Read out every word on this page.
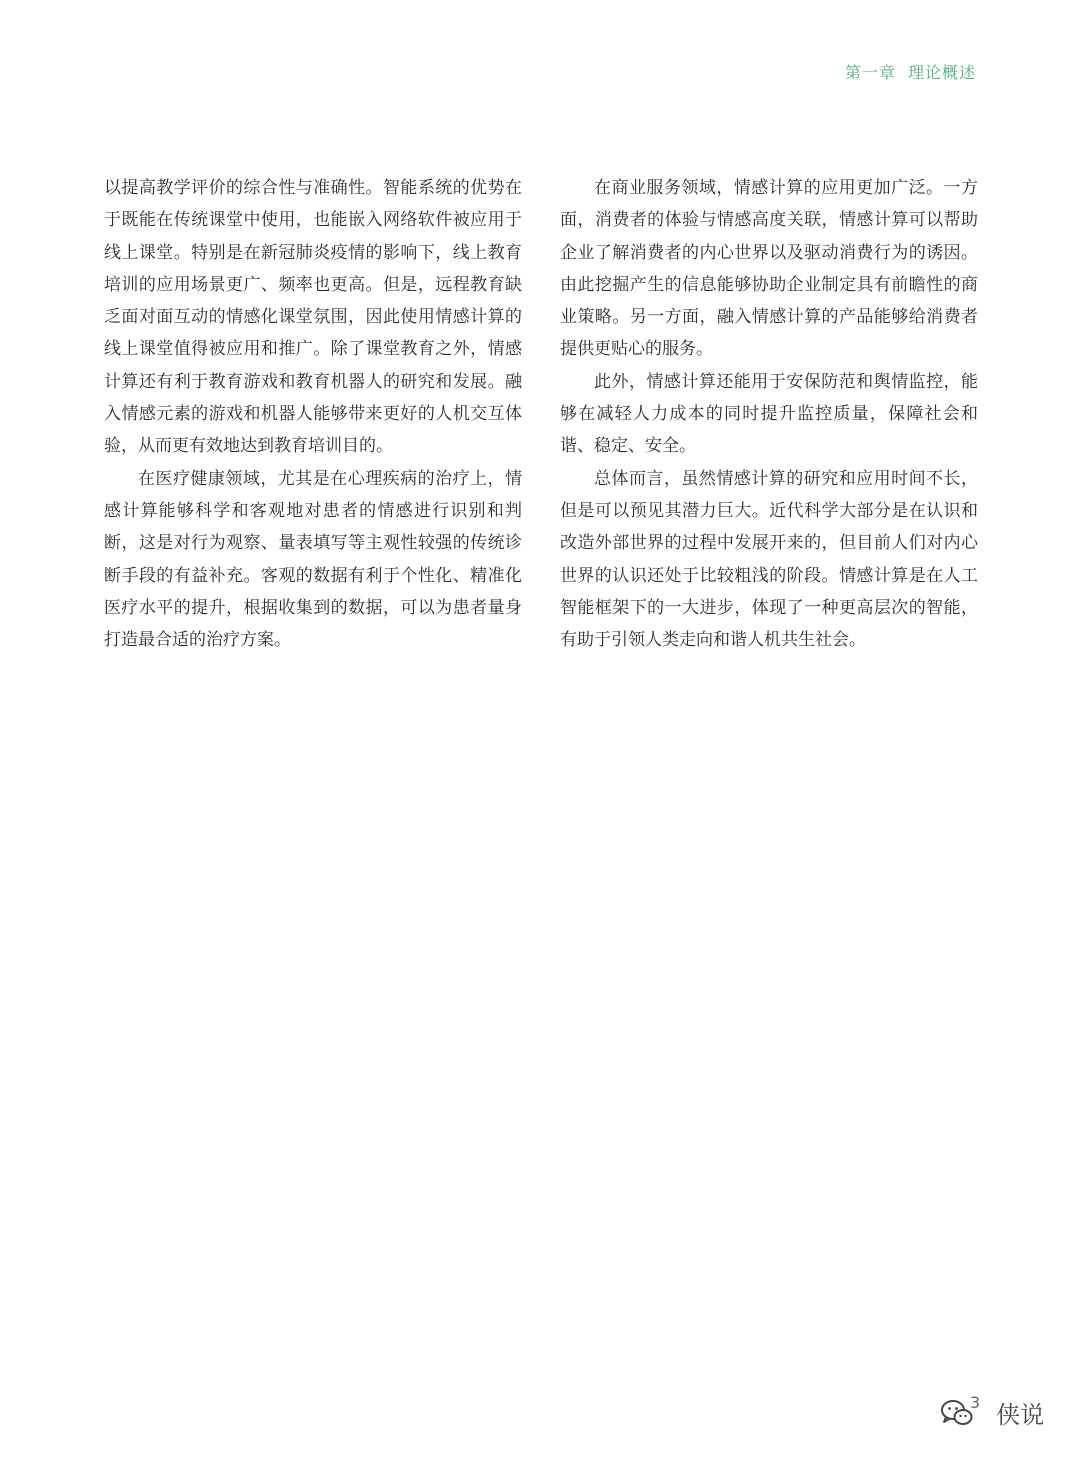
第一章 理论概述

以提高教学评价的综合性与准确性。智能系统的优势在于既能在传统课堂中使用，也能嵌入网络软件被应用于线上课堂。特别是在新冠肺炎疫情的影响下，线上教育培训的应用场景更广、频率也更高。但是，远程教育缺乏面对面互动的情感化课堂氛围，因此使用情感计算的线上课堂值得被应用和推广。除了课堂教育之外，情感计算还有利于教育游戏和教育机器人的研究和发展。融入情感元素的游戏和机器人能够带来更好的人机交互体验，从而更有效地达到教育培训目的。

在医疗健康领域，尤其是在心理疾病的治疗上，情感计算能够科学和客观地对患者的情感进行识别和判断，这是对行为观察、量表填写等主观性较强的传统诊断手段的有益补充。客观的数据有利于个性化、精准化医疗水平的提升，根据收集到的数据，可以为患者量身打造最合适的治疗方案。

在商业服务领域，情感计算的应用更加广泛。一方面，消费者的体验与情感高度关联，情感计算可以帮助企业了解消费者的内心世界以及驱动消费行为的诱因。由此挖掘产生的信息能够协助企业制定具有前瞻性的商业策略。另一方面，融入情感计算的产品能够给消费者提供更贴心的服务。

此外，情感计算还能用于安保防范和舆情监控，能够在减轻人力成本的同时提升监控质量，保障社会和谐、稳定、安全。

总体而言，虽然情感计算的研究和应用时间不长，但是可以预见其潜力巨大。近代科学大部分是在认识和改造外部世界的过程中发展开来的，但目前人们对内心世界的认识还处于比较粗浅的阶段。情感计算是在人工智能框架下的一大进步，体现了一种更高层次的智能，有助于引领人类走向和谐人机共生社会。

3 侠说
